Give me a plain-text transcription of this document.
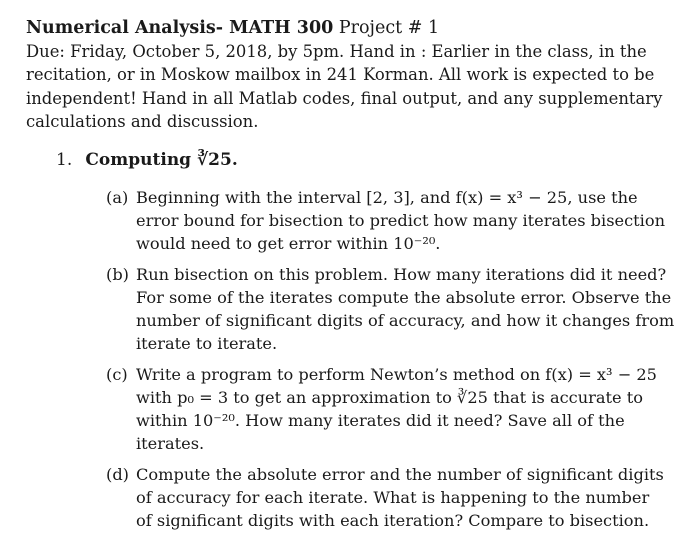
Numerical Analysis- MATH 300 Project # 1
Due: Friday, October 5, 2018, by 5pm. Hand in : Earlier in the class, in the
recitation, or in Moskow mailbox in 241 Korman. All work is expected to be
independent! Hand in all Matlab codes, final output, and any supplementary
calculations and discussion.
1. Computing ∛25.
(a) Beginning with the interval [2, 3], and f(x) = x³ − 25, use the
error bound for bisection to predict how many iterates bisection
would need to get error within 10⁻²⁰.
(b) Run bisection on this problem. How many iterations did it need?
For some of the iterates compute the absolute error. Observe the
number of significant digits of accuracy, and how it changes from
iterate to iterate.
(c) Write a program to perform Newton’s method on f(x) = x³ − 25
with p₀ = 3 to get an approximation to ∛25 that is accurate to
within 10⁻²⁰. How many iterates did it need? Save all of the
iterates.
(d) Compute the absolute error and the number of significant digits
of accuracy for each iterate. What is happening to the number
of significant digits with each iteration? Compare to bisection.
